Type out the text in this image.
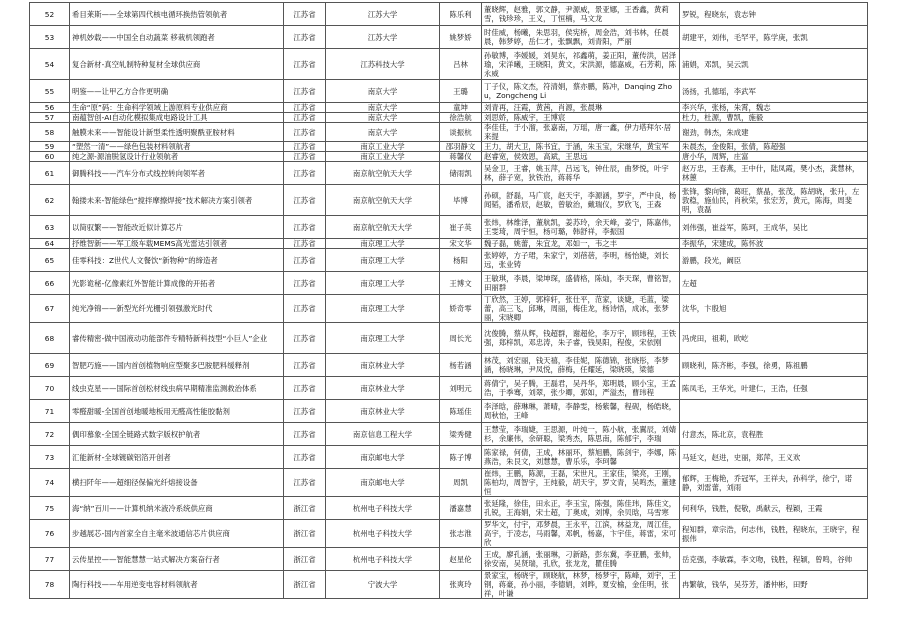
52	希目莱斯——全球第四代核电循环换热管领航者	江苏省	江苏大学	陈乐利	董晓辉，赵雅，郭文静，尹源威，景亚娜，王香鑫，黄莉雪，钱珍珍，王义，丁恒楠，马文龙	罗锐，程晓东，袁志钟
53	神机妙载——中国全自动蔬菜 移栽机领跑者	江苏省	江苏大学	姚梦娇	时佳威，杨曦，朱思羽，侯宪桥，周金浩，刘书林，任晨晨，韩梦婷，岳仁才，张飘飘，刘青阳，严丽	胡建平，刘伟，毛罕平，陈学庚，张凯
54	复合新材-真空轧制特种复材全球供应商	江苏省	江苏科技大学	吕林	孙敏博，李媛媛，刘昊东，祁鑫萌，姜正阳，董传洪，居泽瑜，宋洋曦，王晓阳，黄文，宋洪源，德嘉威，石芳莉，陈永威	浦娟，邓凯，吴云凯
55	明鉴——让甲乙方合作更明确	江苏省	南京大学	王璐	丁子仪，陈文杰，符清娟，蔡亦鹏，陈冲，Danqing Zhou，Zongcheng Li	汤扬，孔德瑶，李武军
56	生命“原”码：生命科学领域上游原料专业供应商	江苏省	南京大学	童坤	刘青再，汪霞，黄茜，肖源，张晨琳	李兴华，张杨，朱霄，魏志
57	南蕴智创-AI自动化模拟集成电路设计工具	江苏省	南京大学	徐浩航	刘思娇，陈威宇，王博宸	杜力，杜源，曹凯，施毅
58	触膜未来——智能设计新型柔性透明聚酰亚胺材料	江苏省	南京大学	谈振杭	李佳佳，于小溜，张嘉南，万瑶，唐一鑫，伊力塔拜尔·居来提	谢劲，韩杰，朱成建
59	“塑然一清”——绿色包装材料领航者	江苏省	南京工业大学	邵羽静文	王力，胡大卫，陈书宜，于涵，朱玉宝，宋继华，黄宝军	朱晨杰，金俊阳，张倩，陈超强
60	纯之源-源油脱氢设计行业领航者	江苏省	南京工业大学	蒋馨仪	赵睿宽，侯效恩，高斌，王思远	唐小华，周辉，庄富
61	御腾科技——汽车分布式线控转向领军者	江苏省	南京航空航天大学	储雨凯	吴金卫，王睿，姚玉萍，吕远飞，钟仕辰，曲梦悦，叶宇林，薛子宽，狄铁治，蒋蒋华	赵万忠，王春燕，王中什，陆凤霞，樊小杰，龚慧林，林蕙
62	翰搂未来-智能绿色“搅拌摩擦焊接”技术解决方案引领者	江苏省	南京航空航天大学	毕博	孙硕，舒磊，马广宸，赵天宇，李源涵，罗宇，严中良，杨闻韬，潘希辰，赵敏，曾敏治，戴瑞仪，罗欣飞，王森	张锋，黎向锋，葛旺，蔡晶，张茂，陈胡晓，张升，左敦稳，施仙民，肖秋荣，张宏芳，黄元，陈海，周斐明，袁磊
63	以简驭繁——智能改近似计算芯片	江苏省	南京航空航天大学	崔子英	张炜，林维泽，董航凯，姜苏玲，余天峰，姜宁，陈嘉伟，王雯琦，周宇恒，杨可璐，韩舒祥，李振国	刘伟强，崔益军，陈珂，王成华，吴比
64	抒维智新——军工级车载MEMS高光雷达引领者	江苏省	南京理工大学	宋文华	魏子磊，姚蕾，朱宜龙，邓如一，韦之丰	李振华，宋建成，陈怀波
65	佳零科技：Z世代人文餐饮“新物种”的缔造者	江苏省	南京理工大学	杨阳	张婷婷，方子珺，朱家宁，刘蓓蓓，李明，杨怡婕，刘长远，张业铸	游鹏，段光，阚臣
66	光影诡秘-亿像素红外智能计算成像的开拓者	江苏省	南京理工大学	王博文	王敏琪，李晨，梁坤琛，盛倩格，陈灿，李天琛，曹铭智，田丽群	左超
67	纯光净锦——新型光纤光栅引领强激光时代	江苏省	南京理工大学	娇奇零	丁欣然，王婷，郭梓轩，张仕平，范家，谈婕，毛蓝，梁蕾，高三飞，邱琳，周丽，梅佳龙，杨诗悟，成冰，张梦丽，宋晓卿	沈华，卞殷旭
68	睿传精密-做中国液动功能部件专精特新科技型“小巨人”企业	江苏省	南京理工大学	周长光	沈俊腾，蔡从辉，钱超群，谢超伦，李万宇，顾玮程，王铁强，郑梓凯，邓忠涛，朱子睿，钱昊阳，程俊，宋依刚	冯虎田，祖莉，欧屹
69	智肥巧施——国内首创植物响应型聚多巴胺肥料缓释剂	江苏省	南京林业大学	杨若涵	林茂，刘宏丽，钱天禧，李佳妮，陈德锦，张晓彤，李梦涵，杨晓琳，尹凤悦，薛梅，任耀延，梁晓瑛，梁德	顾晓利，陈齐彬，李强，徐勇，陈祖鹏
70	线虫克星——国际首创松材线虫病早期精准监测救治体系	江苏省	南京林业大学	刘明元	蒋倩宁，吴子腾，王磊君，吴丹华，郑明晨，顾小宝，王孟浩，于季骞，刘翠，张少卿，郭如，严溢杰，曹玮程	陈凤毛，王华光，叶建仁，王浩，任强
71	零醛甜暖-全国首创地暖地板用无醛高性能胶黏剂	江苏省	南京林业大学	陈瑶佳	李泽晗，薛琳琳，萧晴，李静雯，杨紫馨，程砚，杨皓晓，周秋怡，王峰	
72	偶印慕象-全国全链路式数字版权护航者	江苏省	南京信息工程大学	梁秀健	王慧莹，李瑞婕，王思源，叶纯一，陈小航，张翼辰，刘婧杉，余廉伟，余研聪，梁秀杰，陈思南，陈郁宇，李瑞	付意杰，陈北京，袁程胜
73	汇能新材-全球镀碳铝箔开创者	江苏省	南京邮电大学	陈子博	陈家禄，何倩，王成，林丽环，蔡旭鹏，陈剑宇，李娜，陈燕浩，朱艮文，刘慧慧，曹乐乐，李珂馨	马延文，赵进，史丽，郑萍，王义欢
74	横扫阡年——超细径保偏光纤熔接设备	江苏省	南京邮电大学	周凯	崔炜，王鹏，陈源，王磊，宋世凡，王家佳，梁亮，王刚，陈柏均，周智宇，王纯毅，胡天宇，罗文青，吴鸣杰，董建恒	郁辉，王梅艳，乔冠军，王祥夫，孙科学，徐宁，诺静，刘雷蕾，刘雨
75	海“纳”百川——计算机纳米液冷系统供应商	浙江省	杭州电子科技大学	潘嘉慧	张延隆，徐佳，田永正，李玉宝，陈强，陈佳玮，陈佳文，孔锐，王海娟，宋士超，丁奥成，刘博，余贝晗，马雪寒	何利华，钱胜，倪敬，禹献云，程颖，王霞
76	步越展芯-国内首家全自主毫米波通信芯片供应商	浙江省	杭州电子科技大学	张志淮	罗华文，付宇，邓梦晨，王永平，江滨，林益龙，周江佳，高宇，于凌志，马雨馨，邓帆，杨嘉，卞宇佳，蒋雷，宋可欣	程知群，章宗浩，何志伟，钱胜，程晓东，王晓宇，程振伟
77	云传星控——智能慧慧一站式解决方案奋行者	浙江省	杭州电子科技大学	赵星伦	王成，廖孔涵，张丽琳，刁新路，彭东冀，李亚鹏，张帅，徐安南，吴贤瑞，孔欣，张龙龙，瞿佳腾	岳克强，李敏霖，李文吻，钱胜，程颖，曾鸣，谷帅
78	陶行科技——车用逆变电容材料领航者	浙江省	宁波大学	张爽玲	景家宝，杨晓宇，顾晓航，林梦，杨梦宇，陈峰，刘宇，王钢，蒋豪，孙小丽，李德娟，刘晔，夏安榆，金佳明，张祥，叶谦	冉繁敏，钱华，吴芬芳，潘仲彬，田野
